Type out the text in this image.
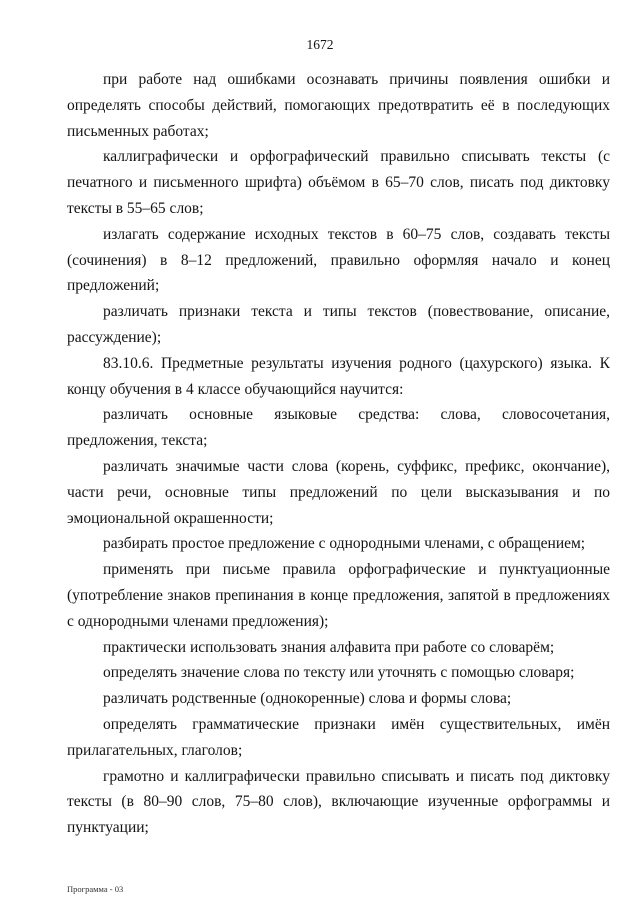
1672

при работе над ошибками осознавать причины появления ошибки и определять способы действий, помогающих предотвратить её в последующих письменных работах;

каллиграфически и орфографический правильно списывать тексты (с печатного и письменного шрифта) объёмом в 65–70 слов, писать под диктовку тексты в 55–65 слов;

излагать содержание исходных текстов в 60–75 слов, создавать тексты (сочинения) в 8–12 предложений, правильно оформляя начало и конец предложений;

различать признаки текста и типы текстов (повествование, описание, рассуждение);

83.10.6. Предметные результаты изучения родного (цахурского) языка. К концу обучения в 4 классе обучающийся научится:

различать основные языковые средства: слова, словосочетания, предложения, текста;

различать значимые части слова (корень, суффикс, префикс, окончание), части речи, основные типы предложений по цели высказывания и по эмоциональной окрашенности;

разбирать простое предложение с однородными членами, с обращением;

применять при письме правила орфографические и пунктуационные (употребление знаков препинания в конце предложения, запятой в предложениях с однородными членами предложения);

практически использовать знания алфавита при работе со словарём;

определять значение слова по тексту или уточнять с помощью словаря;

различать родственные (однокоренные) слова и формы слова;

определять грамматические признаки имён существительных, имён прилагательных, глаголов;

грамотно и каллиграфически правильно списывать и писать под диктовку тексты (в 80–90 слов, 75–80 слов), включающие изученные орфограммы и пунктуации;

Программа - 03
